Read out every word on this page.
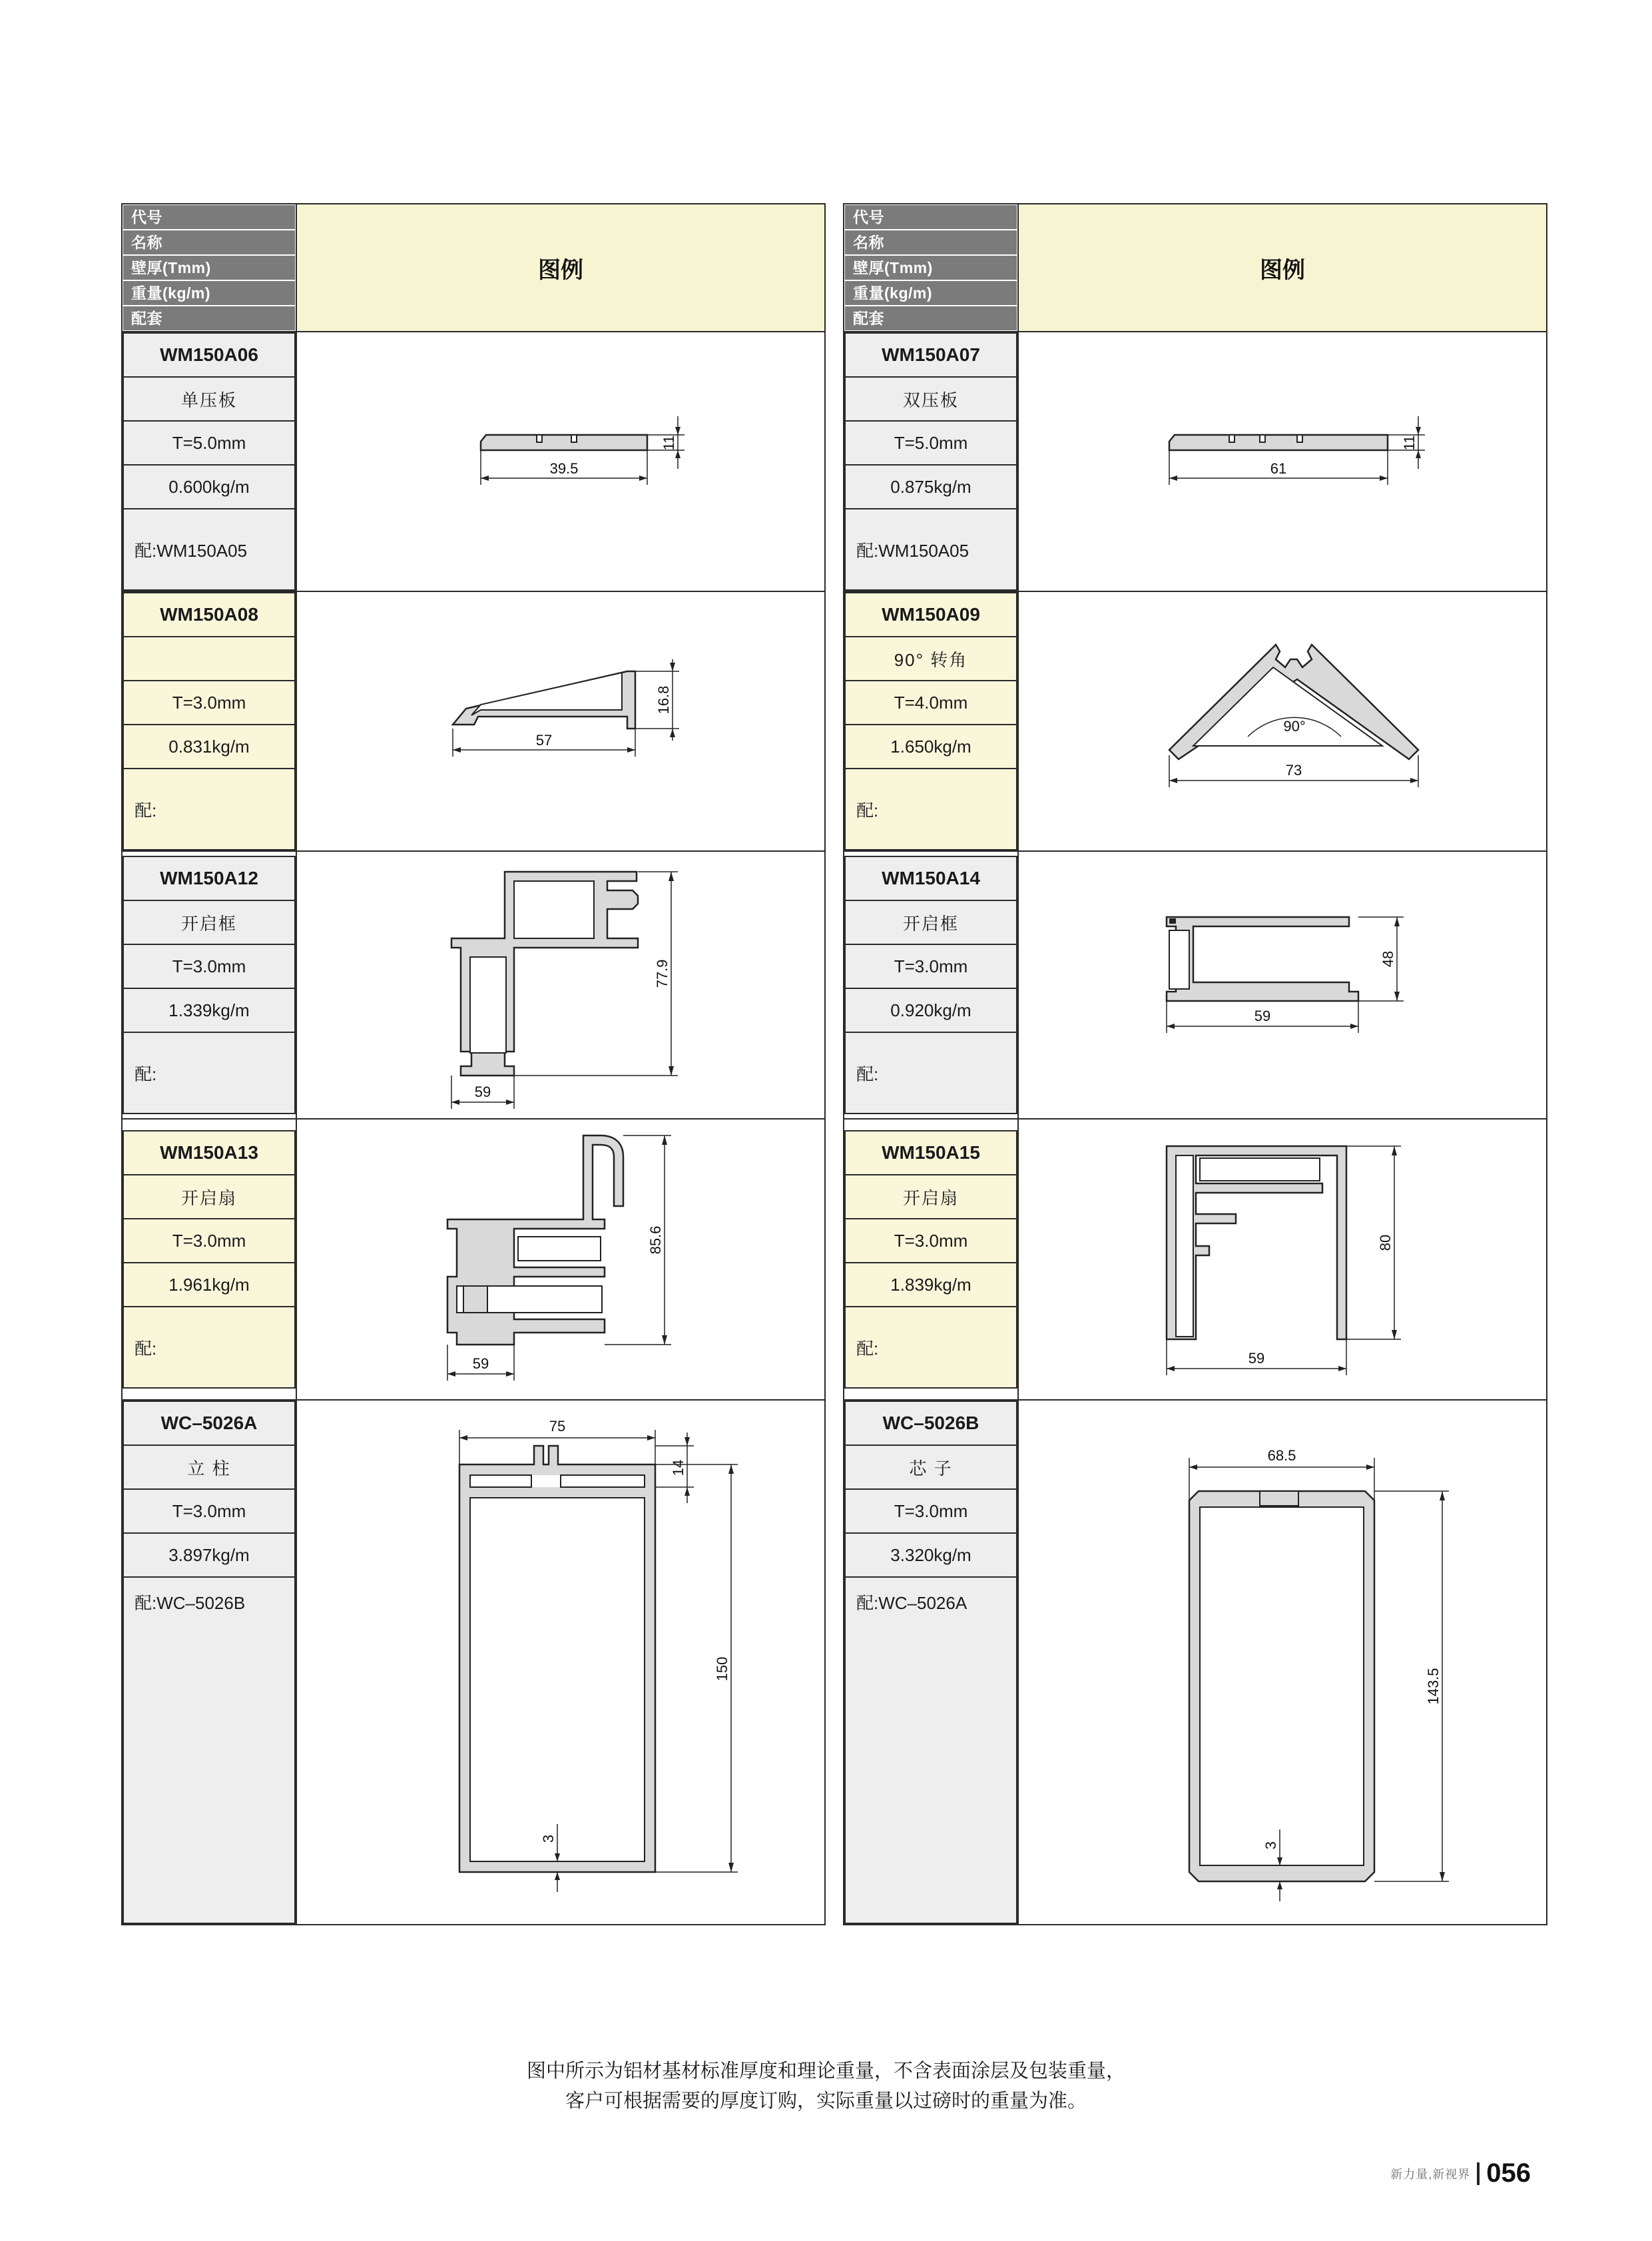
代号
名称
壁厚(Tmm)
重量(kg/m)
配套
	图例		
代号
名称
壁厚(Tmm)
重量(kg/m)
配套
	图例

WM150A06
单压板
T=5.0mm
0.600kg/m
配:WM150A05

39.5
11

WM150A07
双压板
T=5.0mm
0.875kg/m
配:WM150A05

61
11

WM150A08

T=3.0mm
0.831kg/m
配:

57
16.8

WM150A09
90° 转角
T=4.0mm
1.650kg/m
配:

90°
73

WM150A12
开启框
T=3.0mm
1.339kg/m
配:

59
77.9

WM150A14
开启框
T=3.0mm
0.920kg/m
配:

59
48

WM150A13
开启扇
T=3.0mm
1.961kg/m
配:

59
85.6

WM150A15
开启扇
T=3.0mm
1.839kg/m
配:
		59
80

WC–5026A
立 柱
T=3.0mm
3.897kg/m
配:WC–5026B

75
14
150
3

WC–5026B
芯 子
T=3.0mm
3.320kg/m
配:WC–5026A

68.5
143.5
3
图中所示为铝材基材标准厚度和理论重量，不含表面涂层及包装重量，
客户可根据需要的厚度订购，实际重量以过磅时的重量为准。
新力量,新视界 056
